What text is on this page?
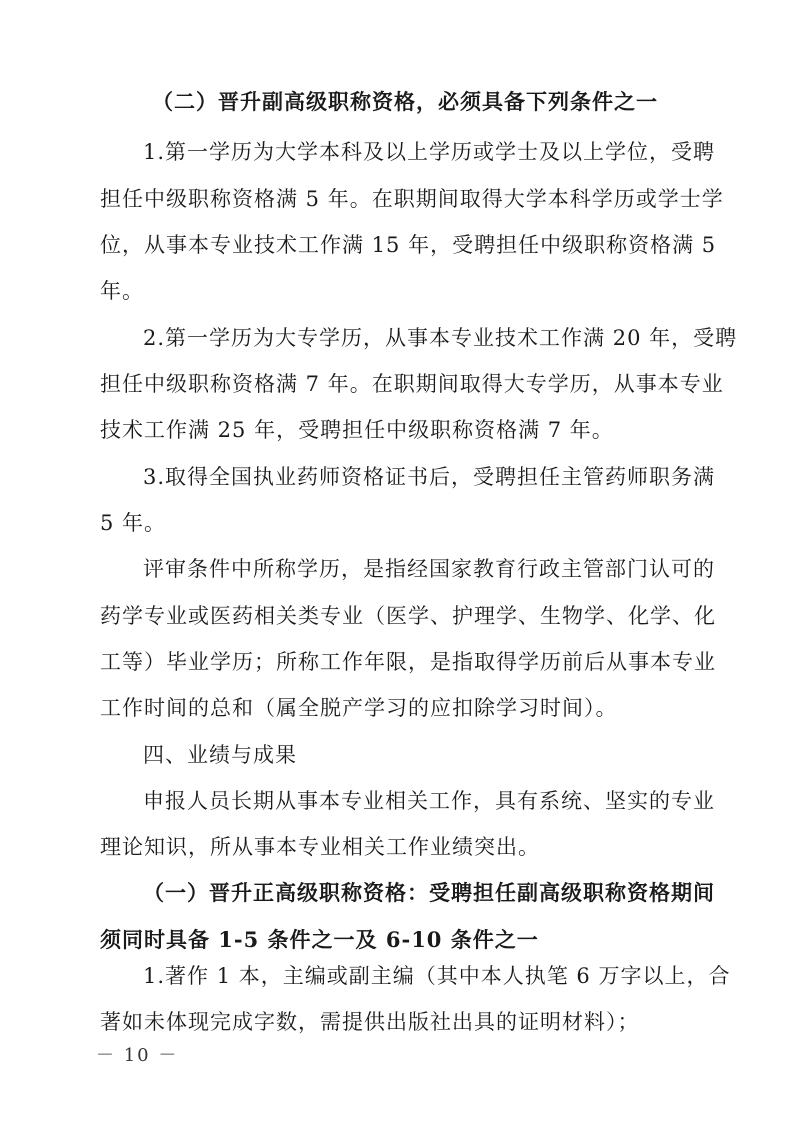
（二）晋升副高级职称资格，必须具备下列条件之一
1.第一学历为大学本科及以上学历或学士及以上学位，受聘
担任中级职称资格满 5 年。在职期间取得大学本科学历或学士学
位，从事本专业技术工作满 15 年，受聘担任中级职称资格满 5
年。
2.第一学历为大专学历，从事本专业技术工作满 20 年，受聘
担任中级职称资格满 7 年。在职期间取得大专学历，从事本专业
技术工作满 25 年，受聘担任中级职称资格满 7 年。
3.取得全国执业药师资格证书后，受聘担任主管药师职务满
5 年。
评审条件中所称学历，是指经国家教育行政主管部门认可的
药学专业或医药相关类专业（医学、护理学、生物学、化学、化
工等）毕业学历；所称工作年限，是指取得学历前后从事本专业
工作时间的总和（属全脱产学习的应扣除学习时间）。
四、业绩与成果
申报人员长期从事本专业相关工作，具有系统、坚实的专业
理论知识，所从事本专业相关工作业绩突出。
（一）晋升正高级职称资格：受聘担任副高级职称资格期间
须同时具备 1-5 条件之一及 6-10 条件之一
1.著作 1 本，主编或副主编（其中本人执笔 6 万字以上，合
著如未体现完成字数，需提供出版社出具的证明材料）；
－ 10 －
